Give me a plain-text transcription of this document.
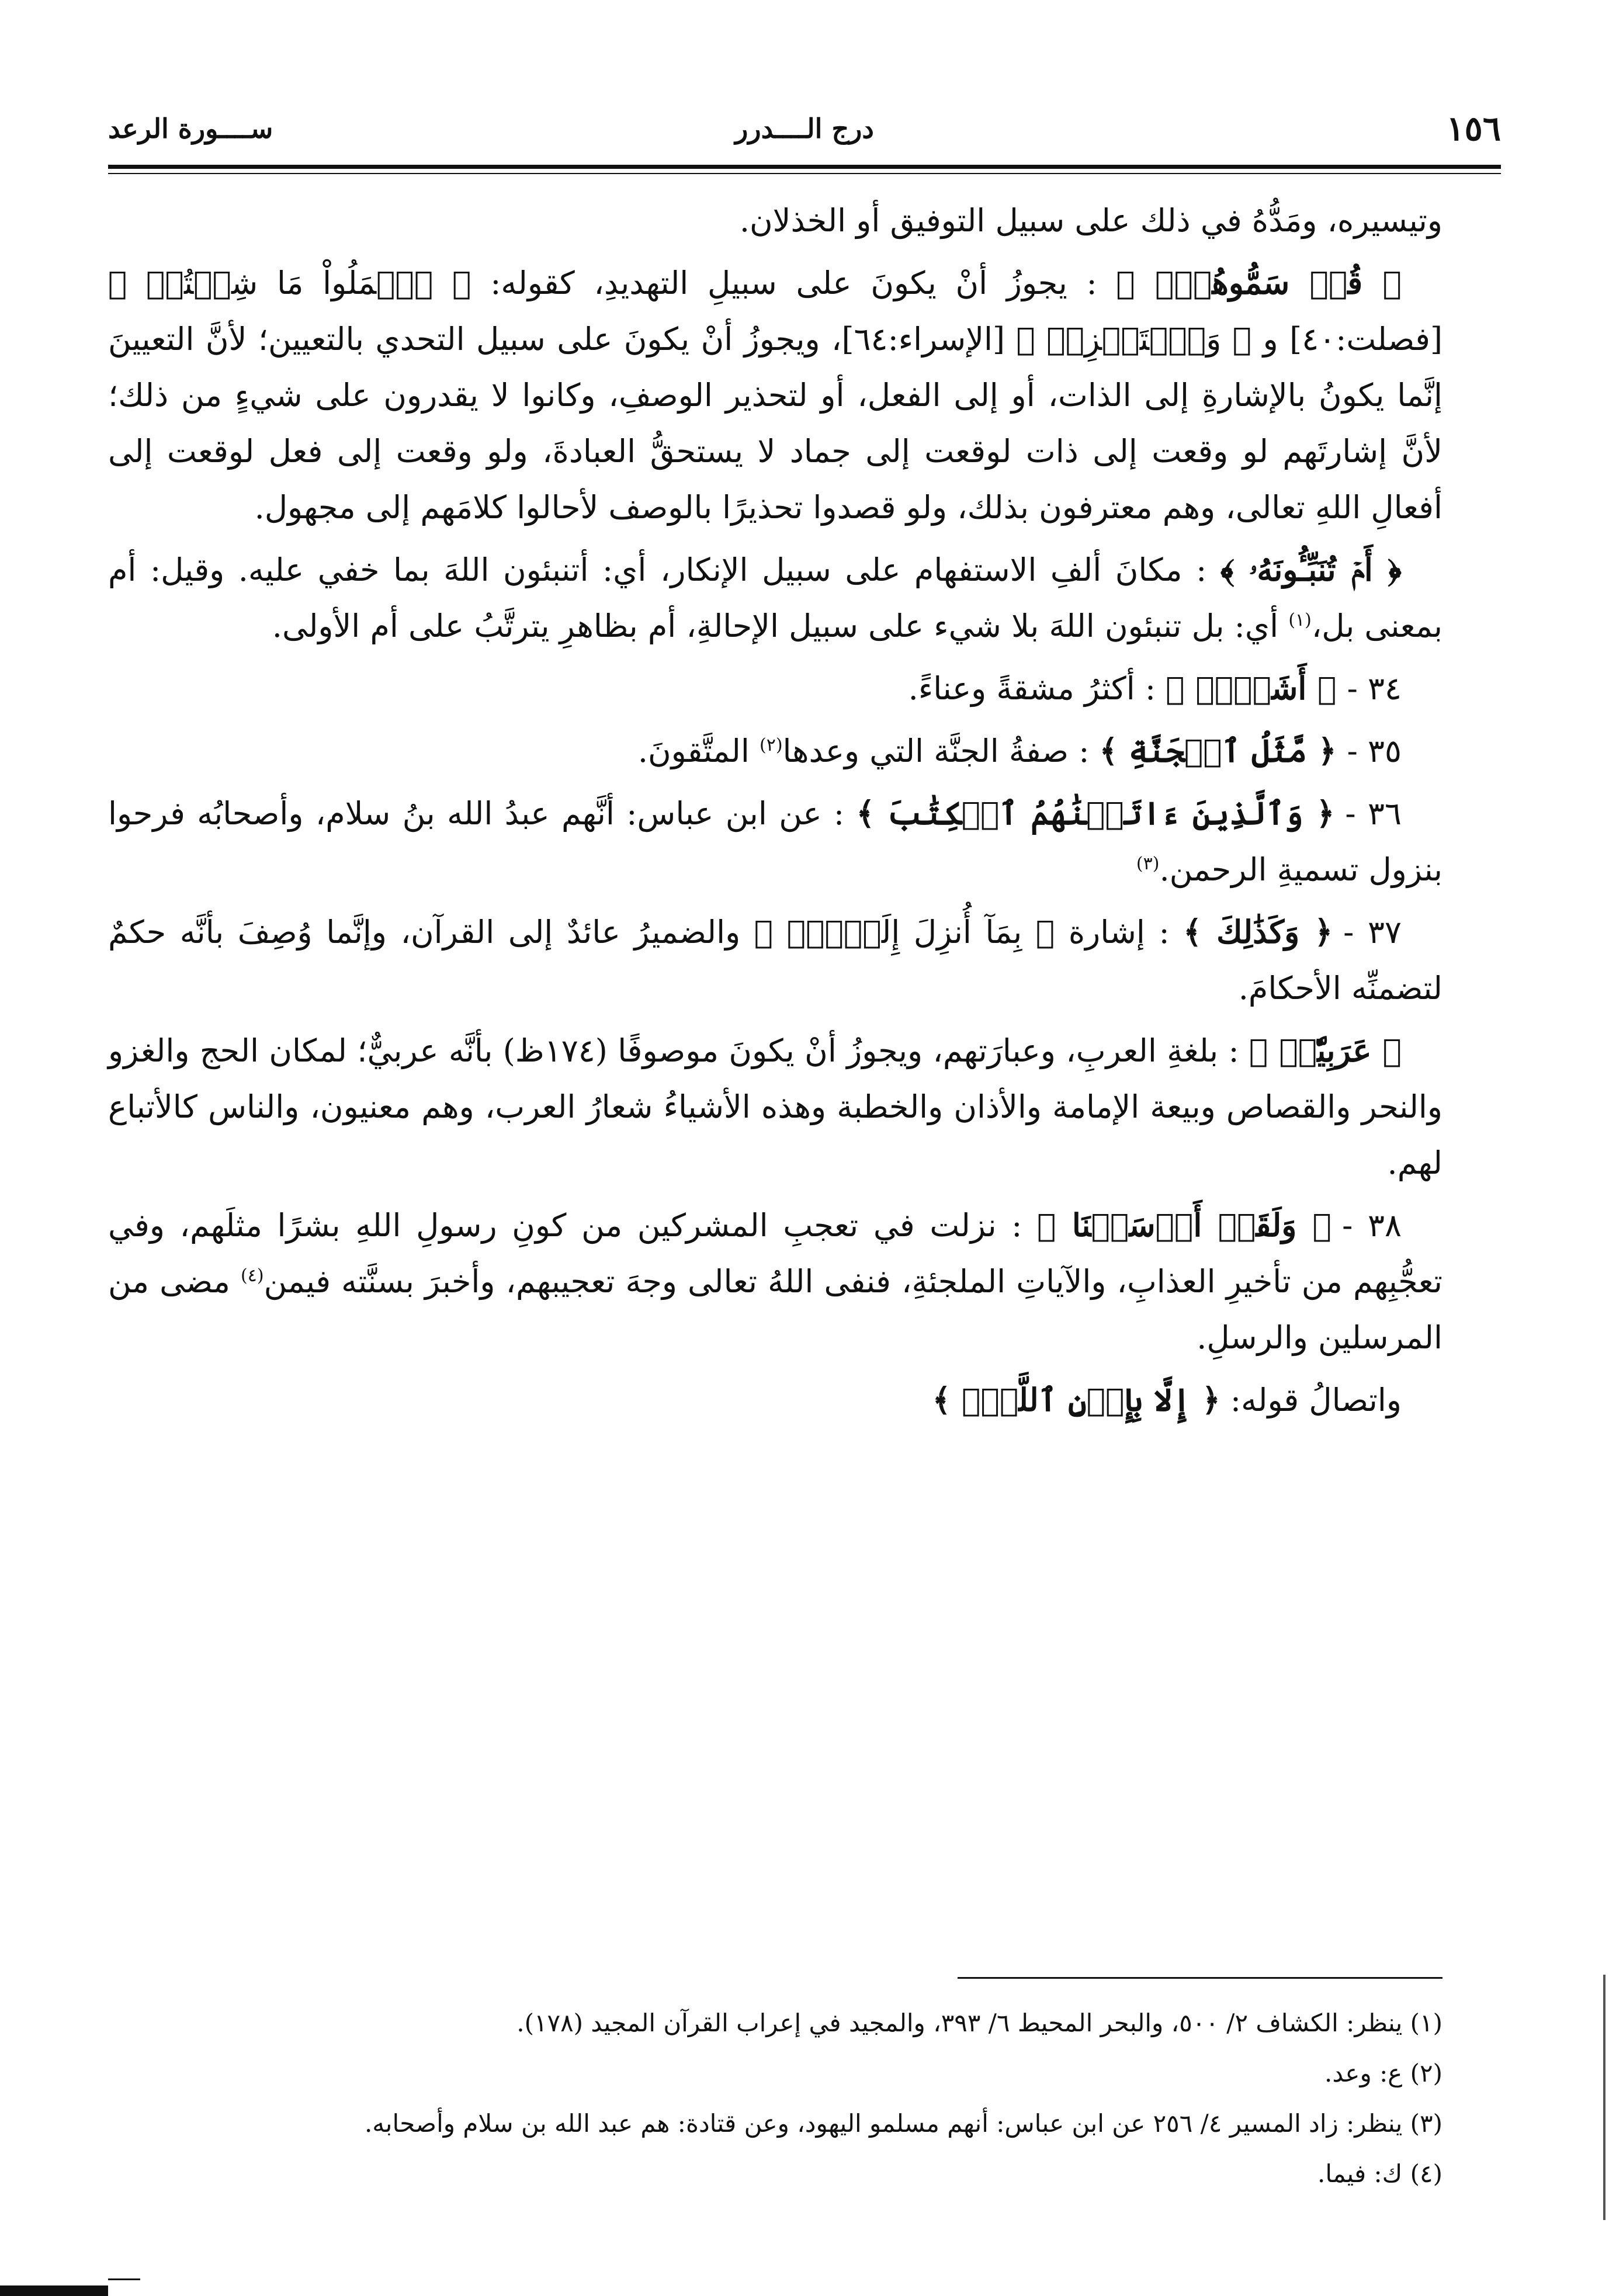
١٥٦
درج الــــدرر
ســــورة الرعد

وتيسيره، ومَدُّهُ في ذلك على سبيل التوفيق أو الخذلان.

﴿ قُلۡ سَمُّوهُمۡۚ ﴾ : يجوزُ أنْ يكونَ على سبيلِ التهديدِ، كقوله: ﴿ ٱعۡمَلُواْ مَا شِئۡتُمۡ ﴾ [فصلت:٤٠] و ﴿ وَٱسۡتَفۡزِزۡ ﴾ [الإسراء:٦٤]، ويجوزُ أنْ يكونَ على سبيل التحدي بالتعيين؛ لأنَّ التعيينَ إنَّما يكونُ بالإشارةِ إلى الذات، أو إلى الفعل، أو لتحذير الوصفِ، وكانوا لا يقدرون على شيءٍ من ذلك؛ لأنَّ إشارتَهم لو وقعت إلى ذات لوقعت إلى جماد لا يستحقُّ العبادةَ، ولو وقعت إلى فعل لوقعت إلى أفعالِ اللهِ تعالى، وهم معترفون بذلك، ولو قصدوا تحذيرًا بالوصف لأحالوا كلامَهم إلى مجهول.

﴿ أَمۡ تُنَبِّـُٔونَهُۥ ﴾ : مكانَ ألفِ الاستفهام على سبيل الإنكار، أي: أتنبئون اللهَ بما خفي عليه. وقيل: أم بمعنى بل،$^{(١)}$ أي: بل تنبئون اللهَ بلا شيء على سبيل الإحالةِ، أم بظاهرِ يترتَّبُ على أم الأولى.

٣٤ -﴿ أَشَقُّۖ ﴾ : أكثرُ مشقةً وعناءً.

٣٥ -﴿ مَّثَلُ ٱلۡجَنَّةِ ﴾ : صفةُ الجنَّة التي وعدها$^{(٢)}$ المتَّقونَ.

٣٦ -﴿ وَٱلَّذِينَ ءَاتَيۡنَٰهُمُ ٱلۡكِتَٰبَ ﴾ : عن ابن عباس: أنَّهم عبدُ الله بنُ سلام، وأصحابُه فرحوا بنزول تسميةِ الرحمن.$^{(٣)}$

٣٧ -﴿ وَكَذَٰلِكَ ﴾ : إشارة ﴿ بِمَآ أُنزِلَ إِلَيۡكَۖ ﴾ والضميرُ عائدٌ إلى القرآن، وإنَّما وُصِفَ بأنَّه حكمٌ لتضمنِّه الأحكامَ.

﴿ عَرَبِيّٗاۚ ﴾ : بلغةِ العربِ، وعبارَتهم، ويجوزُ أنْ يكونَ موصوفًا (١٧٤ظ) بأنَّه عربيٌّ؛ لمكان الحج والغزو والنحر والقصاص وبيعة الإمامة والأذان والخطبة وهذه الأشياءُ شعارُ العرب، وهم معنيون، والناس كالأتباع لهم.

٣٨ -﴿ وَلَقَدۡ أَرۡسَلۡنَا ﴾ : نزلت في تعجبِ المشركين من كونِ رسولِ اللهِ بشرًا مثلَهم، وفي تعجُّبِهم من تأخيرِ العذابِ، والآياتِ الملجئةِ، فنفى اللهُ تعالى وجهَ تعجيبهم، وأخبرَ بسنَّته فيمن$^{(٤)}$ مضى من المرسلين والرسلِ.

واتصالُ قوله: ﴿ إِلَّا بِإِذۡنِ ٱللَّهِۗ ﴾

(١) ينظر: الكشاف ٢/ ٥٠٠، والبحر المحيط ٦/ ٣٩٣، والمجيد في إعراب القرآن المجيد (١٧٨).
(٢) ع: وعد.
(٣) ينظر: زاد المسير ٤/ ٢٥٦ عن ابن عباس: أنهم مسلمو اليهود، وعن قتادة: هم عبد الله بن سلام وأصحابه.
(٤) ك: فيما.
